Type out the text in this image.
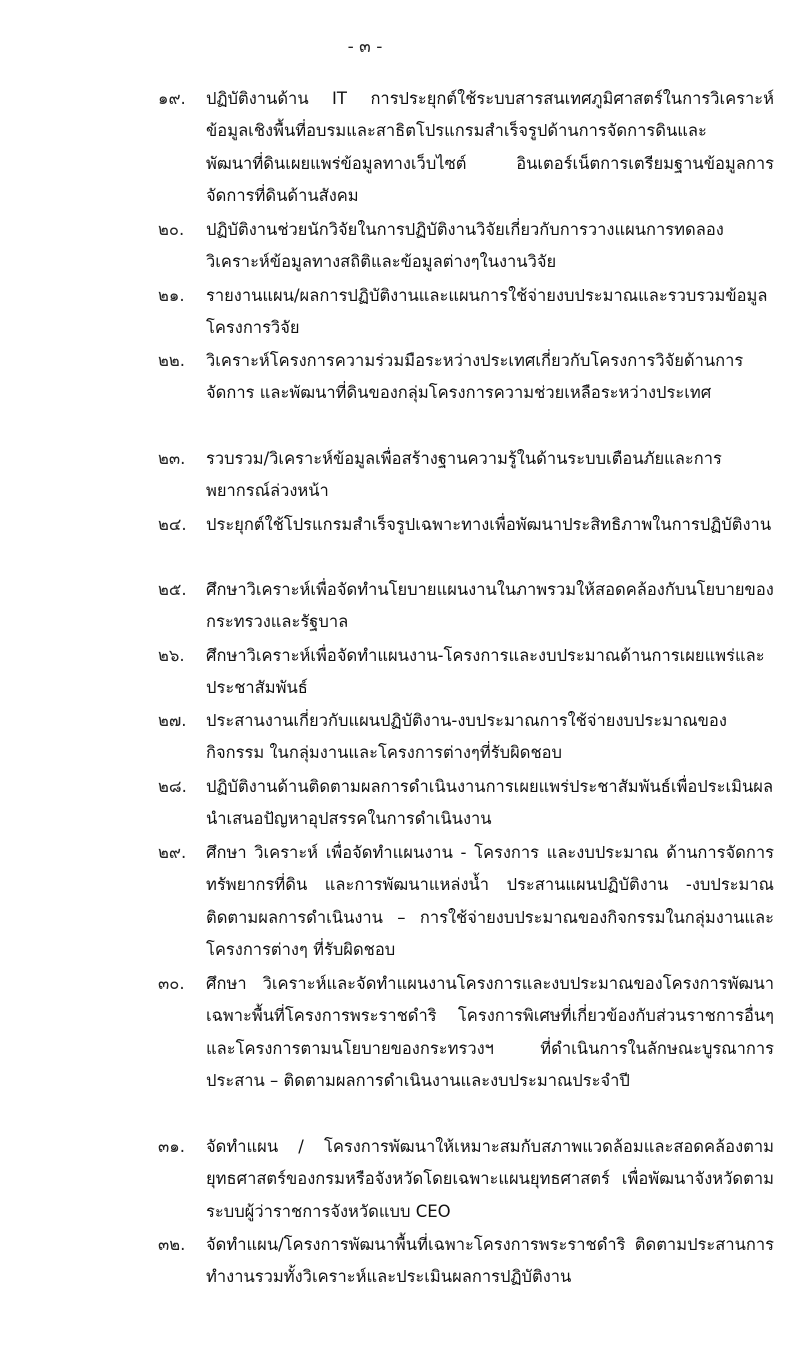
- ๓ -
๑๙.	ปฏิบัติงานด้าน IT การประยุกต์ใช้ระบบสารสนเทศภูมิศาสตร์ในการวิเคราะห์ข้อมูลเชิงพื้นที่อบรมและสาธิตโปรแกรมสำเร็จรูปด้านการจัดการดินและพัฒนาที่ดินเผยแพร่ข้อมูลทางเว็บไซต์ อินเตอร์เน็ตการเตรียมฐานข้อมูลการจัดการที่ดินด้านสังคม
๒๐.	ปฏิบัติงานช่วยนักวิจัยในการปฏิบัติงานวิจัยเกี่ยวกับการวางแผนการทดลองวิเคราะห์ข้อมูลทางสถิติและข้อมูลต่างๆในงานวิจัย
๒๑.	รายงานแผน/ผลการปฏิบัติงานและแผนการใช้จ่ายงบประมาณและรวบรวมข้อมูลโครงการวิจัย
๒๒.	วิเคราะห์โครงการความร่วมมือระหว่างประเทศเกี่ยวกับโครงการวิจัยด้านการจัดการ และพัฒนาที่ดินของกลุ่มโครงการความช่วยเหลือระหว่างประเทศ
๒๓.	รวบรวม/วิเคราะห์ข้อมูลเพื่อสร้างฐานความรู้ในด้านระบบเตือนภัยและการพยากรณ์ล่วงหน้า
๒๔.	ประยุกต์ใช้โปรแกรมสำเร็จรูปเฉพาะทางเพื่อพัฒนาประสิทธิภาพในการปฏิบัติงาน
๒๕.	ศึกษาวิเคราะห์เพื่อจัดทำนโยบายแผนงานในภาพรวมให้สอดคล้องกับนโยบายของกระทรวงและรัฐบาล
๒๖.	ศึกษาวิเคราะห์เพื่อจัดทำแผนงาน-โครงการและงบประมาณด้านการเผยแพร่และประชาสัมพันธ์
๒๗.	ประสานงานเกี่ยวกับแผนปฏิบัติงาน-งบประมาณการใช้จ่ายงบประมาณของกิจกรรม ในกลุ่มงานและโครงการต่างๆที่รับผิดชอบ
๒๘.	ปฏิบัติงานด้านติดตามผลการดำเนินงานการเผยแพร่ประชาสัมพันธ์เพื่อประเมินผลนำเสนอปัญหาอุปสรรคในการดำเนินงาน
๒๙.	ศึกษา วิเคราะห์ เพื่อจัดทำแผนงาน - โครงการ และงบประมาณ ด้านการจัดการทรัพยากรที่ดิน และการพัฒนาแหล่งน้ำ ประสานแผนปฏิบัติงาน -งบประมาณ ติดตามผลการดำเนินงาน – การใช้จ่ายงบประมาณของกิจกรรมในกลุ่มงานและโครงการต่างๆ ที่รับผิดชอบ
๓๐.	ศึกษา วิเคราะห์และจัดทำแผนงานโครงการและงบประมาณของโครงการพัฒนาเฉพาะพื้นที่โครงการพระราชดำริ โครงการพิเศษที่เกี่ยวข้องกับส่วนราชการอื่นๆ และโครงการตามนโยบายของกระทรวงฯ ที่ดำเนินการในลักษณะบูรณาการ ประสาน – ติดตามผลการดำเนินงานและงบประมาณประจำปี
๓๑.	จัดทำแผน / โครงการพัฒนาให้เหมาะสมกับสภาพแวดล้อมและสอดคล้องตามยุทธศาสตร์ของกรมหรือจังหวัดโดยเฉพาะแผนยุทธศาสตร์ เพื่อพัฒนาจังหวัดตามระบบผู้ว่าราชการจังหวัดแบบ CEO
๓๒.	จัดทำแผน/โครงการพัฒนาพื้นที่เฉพาะโครงการพระราชดำริ ติดตามประสานการทำงานรวมทั้งวิเคราะห์และประเมินผลการปฏิบัติงาน
